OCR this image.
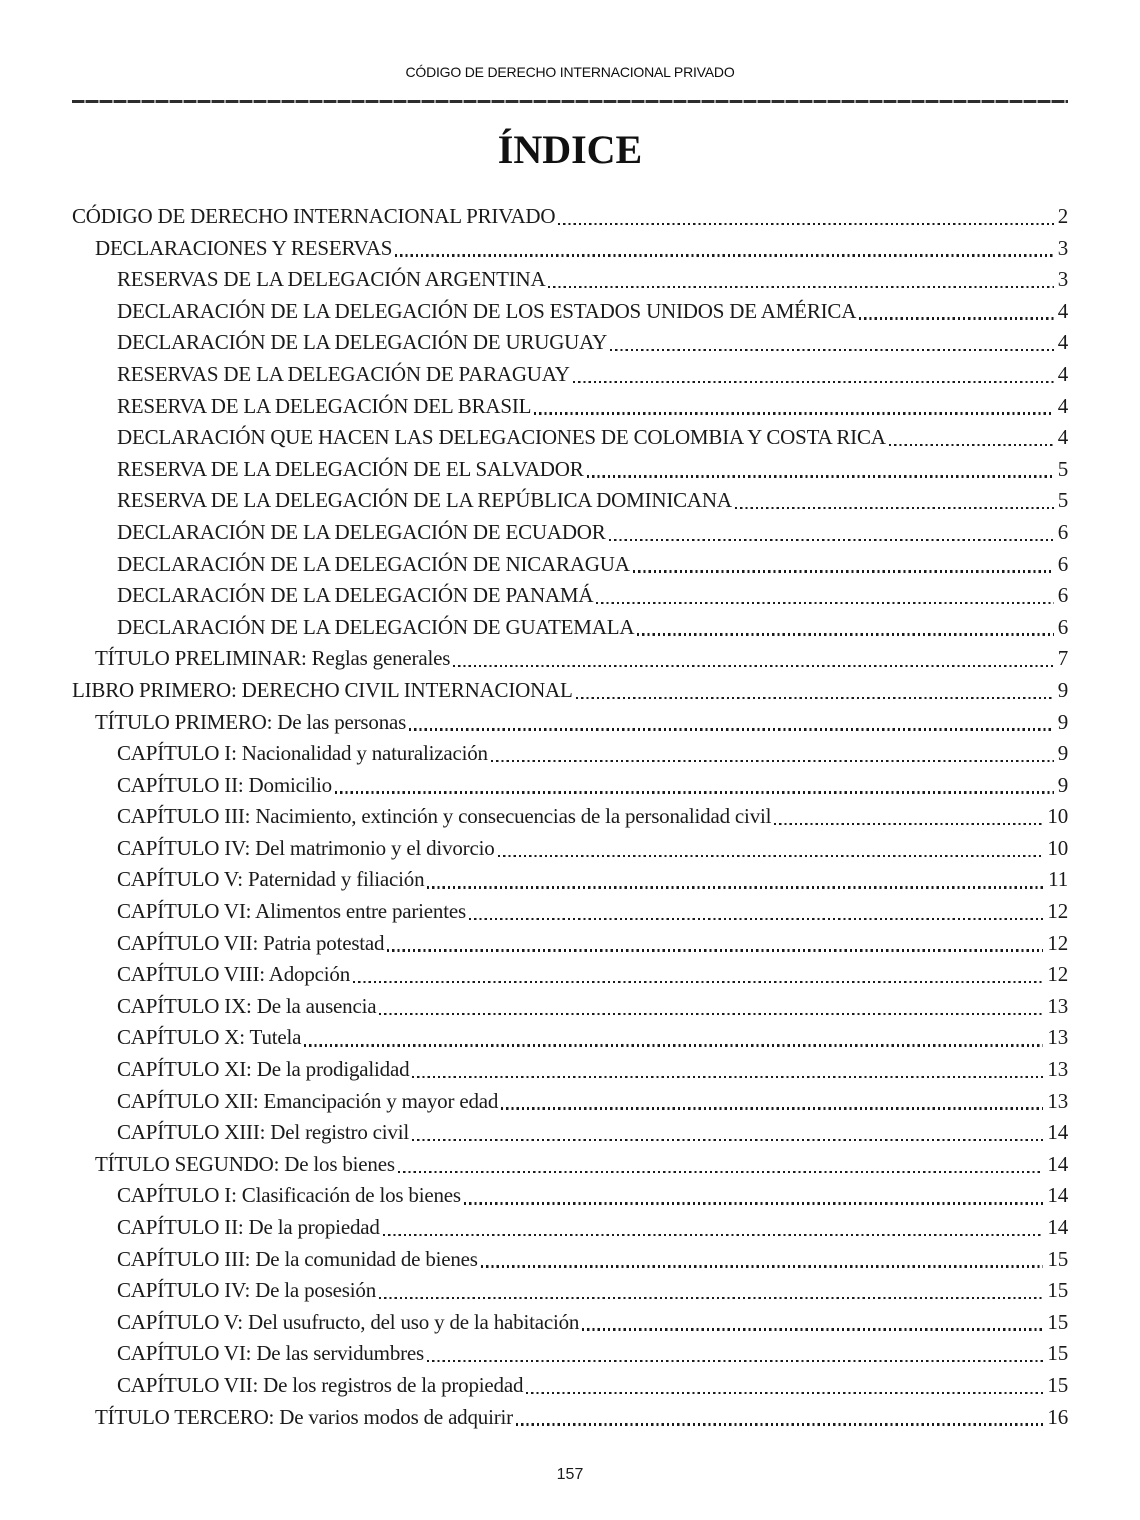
CÓDIGO DE DERECHO INTERNACIONAL PRIVADO
ÍNDICE
CÓDIGO DE DERECHO INTERNACIONAL PRIVADO	2
DECLARACIONES Y RESERVAS	3
RESERVAS DE LA DELEGACIÓN ARGENTINA	3
DECLARACIÓN DE LA DELEGACIÓN DE LOS ESTADOS UNIDOS DE AMÉRICA	4
DECLARACIÓN DE LA DELEGACIÓN DE URUGUAY	4
RESERVAS DE LA DELEGACIÓN DE PARAGUAY	4
RESERVA DE LA DELEGACIÓN DEL BRASIL	4
DECLARACIÓN QUE HACEN LAS DELEGACIONES DE COLOMBIA Y COSTA RICA	4
RESERVA DE LA DELEGACIÓN DE EL SALVADOR	5
RESERVA DE LA DELEGACIÓN DE LA REPÚBLICA DOMINICANA	5
DECLARACIÓN DE LA DELEGACIÓN DE ECUADOR	6
DECLARACIÓN DE LA DELEGACIÓN DE NICARAGUA	6
DECLARACIÓN DE LA DELEGACIÓN DE PANAMÁ	6
DECLARACIÓN DE LA DELEGACIÓN DE GUATEMALA	6
TÍTULO PRELIMINAR: Reglas generales	7
LIBRO PRIMERO: DERECHO CIVIL INTERNACIONAL	9
TÍTULO PRIMERO: De las personas	9
CAPÍTULO I: Nacionalidad y naturalización	9
CAPÍTULO II: Domicilio	9
CAPÍTULO III: Nacimiento, extinción y consecuencias de la personalidad civil	10
CAPÍTULO IV: Del matrimonio y el divorcio	10
CAPÍTULO V: Paternidad y filiación	11
CAPÍTULO VI: Alimentos entre parientes	12
CAPÍTULO VII: Patria potestad	12
CAPÍTULO VIII: Adopción	12
CAPÍTULO IX: De la ausencia	13
CAPÍTULO X: Tutela	13
CAPÍTULO XI: De la prodigalidad	13
CAPÍTULO XII: Emancipación y mayor edad	13
CAPÍTULO XIII: Del registro civil	14
TÍTULO SEGUNDO: De los bienes	14
CAPÍTULO I: Clasificación de los bienes	14
CAPÍTULO II: De la propiedad	14
CAPÍTULO III: De la comunidad de bienes	15
CAPÍTULO IV: De la posesión	15
CAPÍTULO V: Del usufructo, del uso y de la habitación	15
CAPÍTULO VI: De las servidumbres	15
CAPÍTULO VII: De los registros de la propiedad	15
TÍTULO TERCERO: De varios modos de adquirir	16
157
